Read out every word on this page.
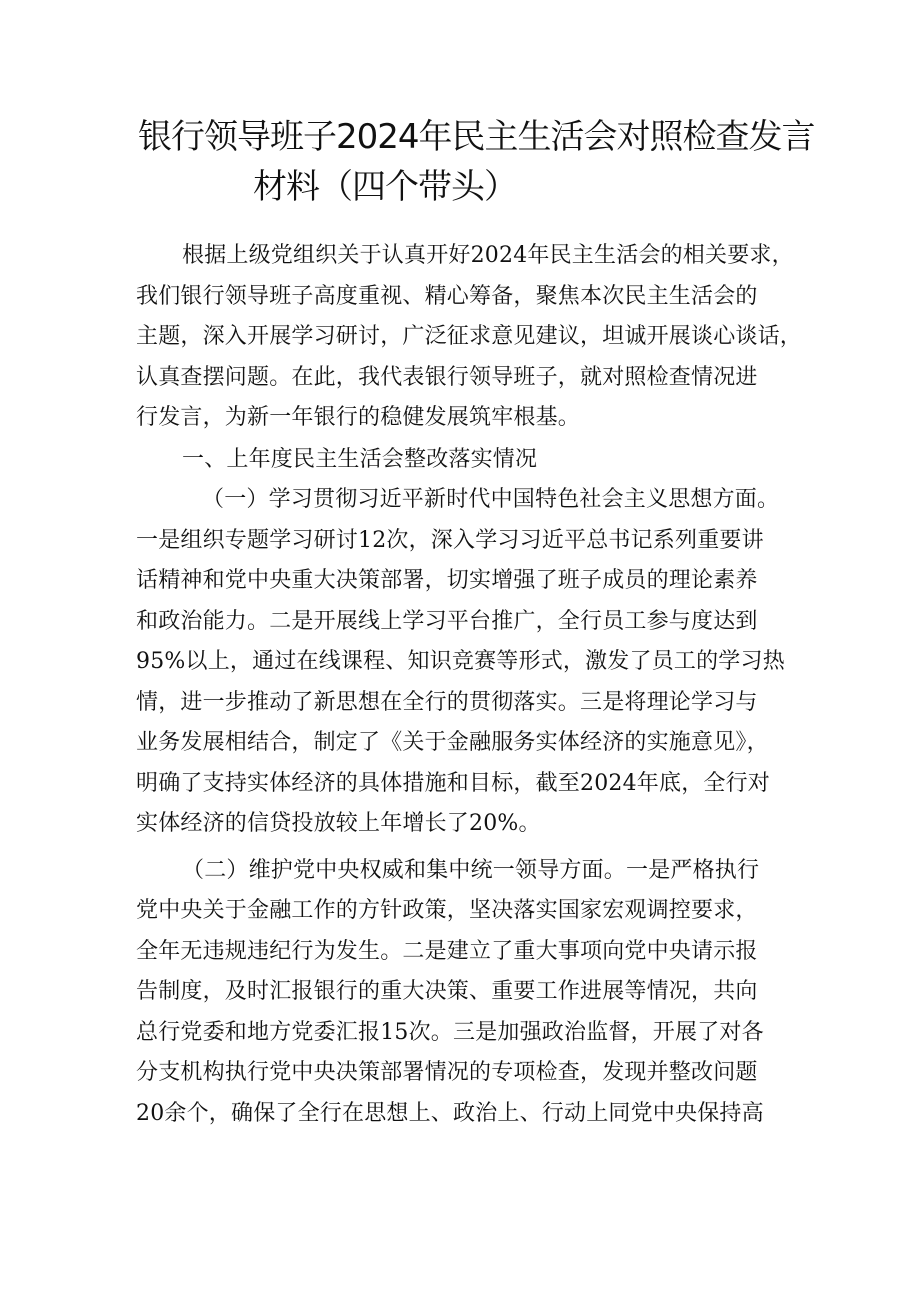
银行领导班子2024年民主生活会对照检查发言
材料（四个带头）
根据上级党组织关于认真开好2024年民主生活会的相关要求，
我们银行领导班子高度重视、精心筹备，聚焦本次民主生活会的
主题，深入开展学习研讨，广泛征求意见建议，坦诚开展谈心谈话，
认真查摆问题。在此，我代表银行领导班子，就对照检查情况进
行发言，为新一年银行的稳健发展筑牢根基。
一、上年度民主生活会整改落实情况
（一）学习贯彻习近平新时代中国特色社会主义思想方面。
一是组织专题学习研讨12次，深入学习习近平总书记系列重要讲
话精神和党中央重大决策部署，切实增强了班子成员的理论素养
和政治能力。二是开展线上学习平台推广，全行员工参与度达到
95%以上，通过在线课程、知识竞赛等形式，激发了员工的学习热
情，进一步推动了新思想在全行的贯彻落实。三是将理论学习与
业务发展相结合，制定了《关于金融服务实体经济的实施意见》，
明确了支持实体经济的具体措施和目标，截至2024年底，全行对
实体经济的信贷投放较上年增长了20%。
（二）维护党中央权威和集中统一领导方面。一是严格执行
党中央关于金融工作的方针政策，坚决落实国家宏观调控要求，
全年无违规违纪行为发生。二是建立了重大事项向党中央请示报
告制度，及时汇报银行的重大决策、重要工作进展等情况，共向
总行党委和地方党委汇报15次。三是加强政治监督，开展了对各
分支机构执行党中央决策部署情况的专项检查，发现并整改问题
20余个，确保了全行在思想上、政治上、行动上同党中央保持高
